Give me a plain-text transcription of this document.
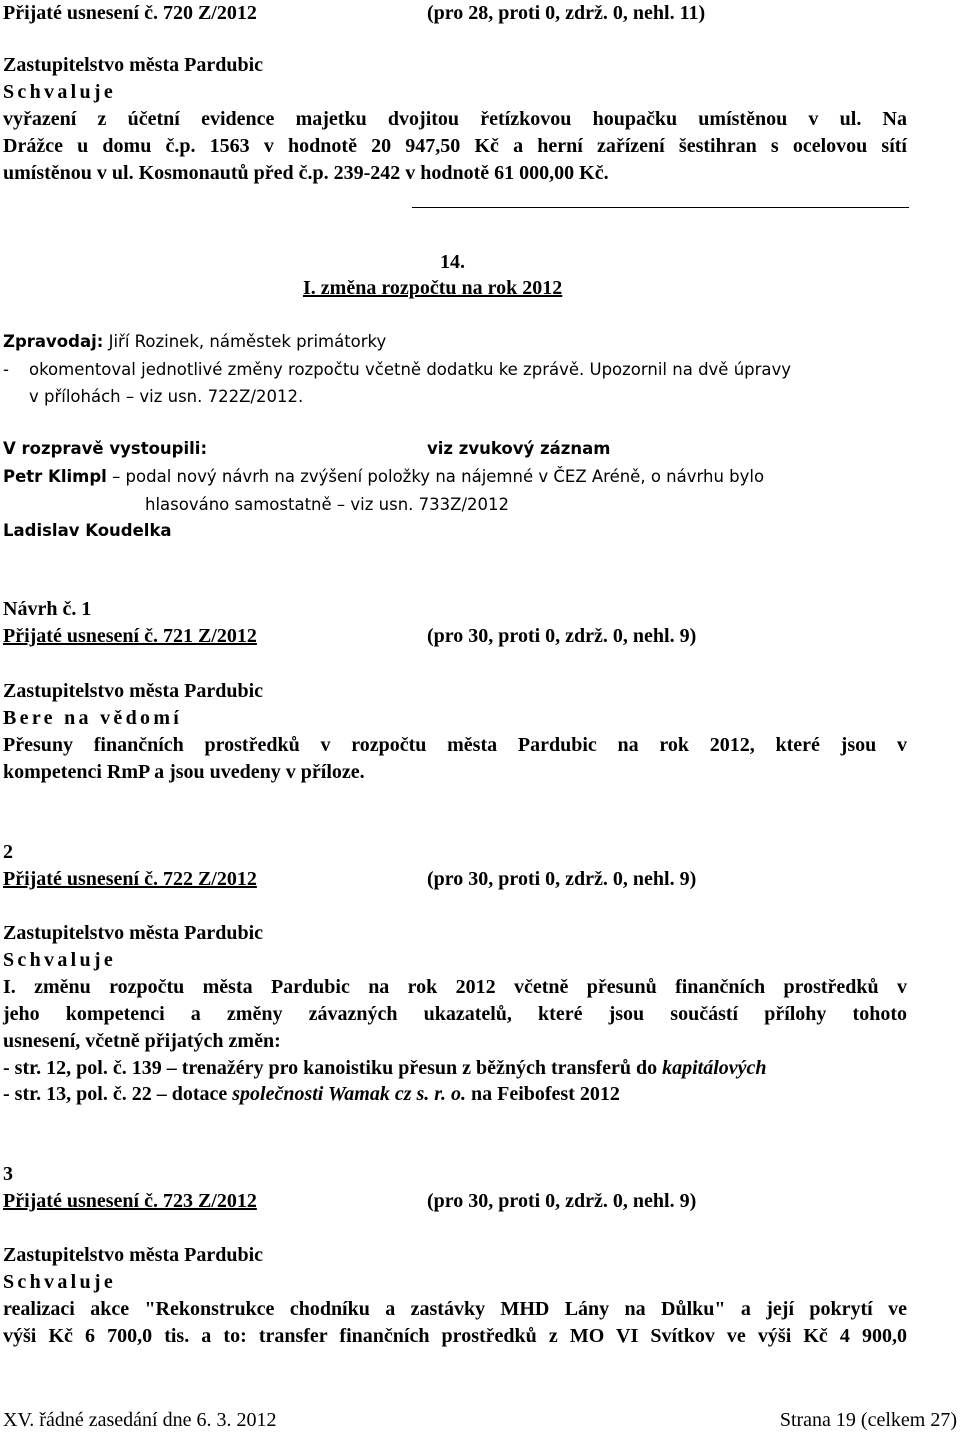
Přijaté usnesení č. 720 Z/2012	(pro 28, proti 0, zdrž. 0, nehl. 11)
Zastupitelstvo města Pardubic
Schvaluje
vyřazení z účetní evidence majetku dvojitou řetízkovou houpačku umístěnou v ul. Na
Drážce u domu č.p. 1563 v hodnotě 20 947,50 Kč a herní zařízení šestihran s ocelovou sítí
umístěnou v ul. Kosmonautů před č.p. 239-242 v hodnotě 61 000,00 Kč.
14.
I. změna rozpočtu na rok 2012
Zpravodaj: Jiří Rozinek, náměstek primátorky
- okomentoval jednotlivé změny rozpočtu včetně dodatku ke zprávě. Upozornil na dvě úpravy
v přílohách – viz usn. 722Z/2012.
V rozpravě vystoupili:	viz zvukový záznam
Petr Klimpl – podal nový návrh na zvýšení položky na nájemné v ČEZ Aréně, o návrhu bylo
hlasováno samostatně – viz usn. 733Z/2012
Ladislav Koudelka
Návrh č. 1
Přijaté usnesení č. 721 Z/2012	(pro 30, proti 0, zdrž. 0, nehl. 9)
Zastupitelstvo města Pardubic
Bere na vědomí
Přesuny finančních prostředků v rozpočtu města Pardubic na rok 2012, které jsou v
kompetenci RmP a jsou uvedeny v příloze.
2
Přijaté usnesení č. 722 Z/2012	(pro 30, proti 0, zdrž. 0, nehl. 9)
Zastupitelstvo města Pardubic
Schvaluje
I. změnu rozpočtu města Pardubic na rok 2012 včetně přesunů finančních prostředků v
jeho kompetenci a změny závazných ukazatelů, které jsou součástí přílohy tohoto
usnesení, včetně přijatých změn:
- str. 12, pol. č. 139 – trenažéry pro kanoistiku přesun z běžných transferů do kapitálových
- str. 13, pol. č. 22 – dotace společnosti Wamak cz s. r. o. na Feibofest 2012
3
Přijaté usnesení č. 723 Z/2012	(pro 30, proti 0, zdrž. 0, nehl. 9)
Zastupitelstvo města Pardubic
Schvaluje
realizaci akce "Rekonstrukce chodníku a zastávky MHD Lány na Důlku" a její pokrytí ve
výši Kč 6 700,0 tis. a to: transfer finančních prostředků z MO VI Svítkov ve výši Kč 4 900,0
XV. řádné zasedání dne 6. 3. 2012	Strana 19 (celkem 27)
